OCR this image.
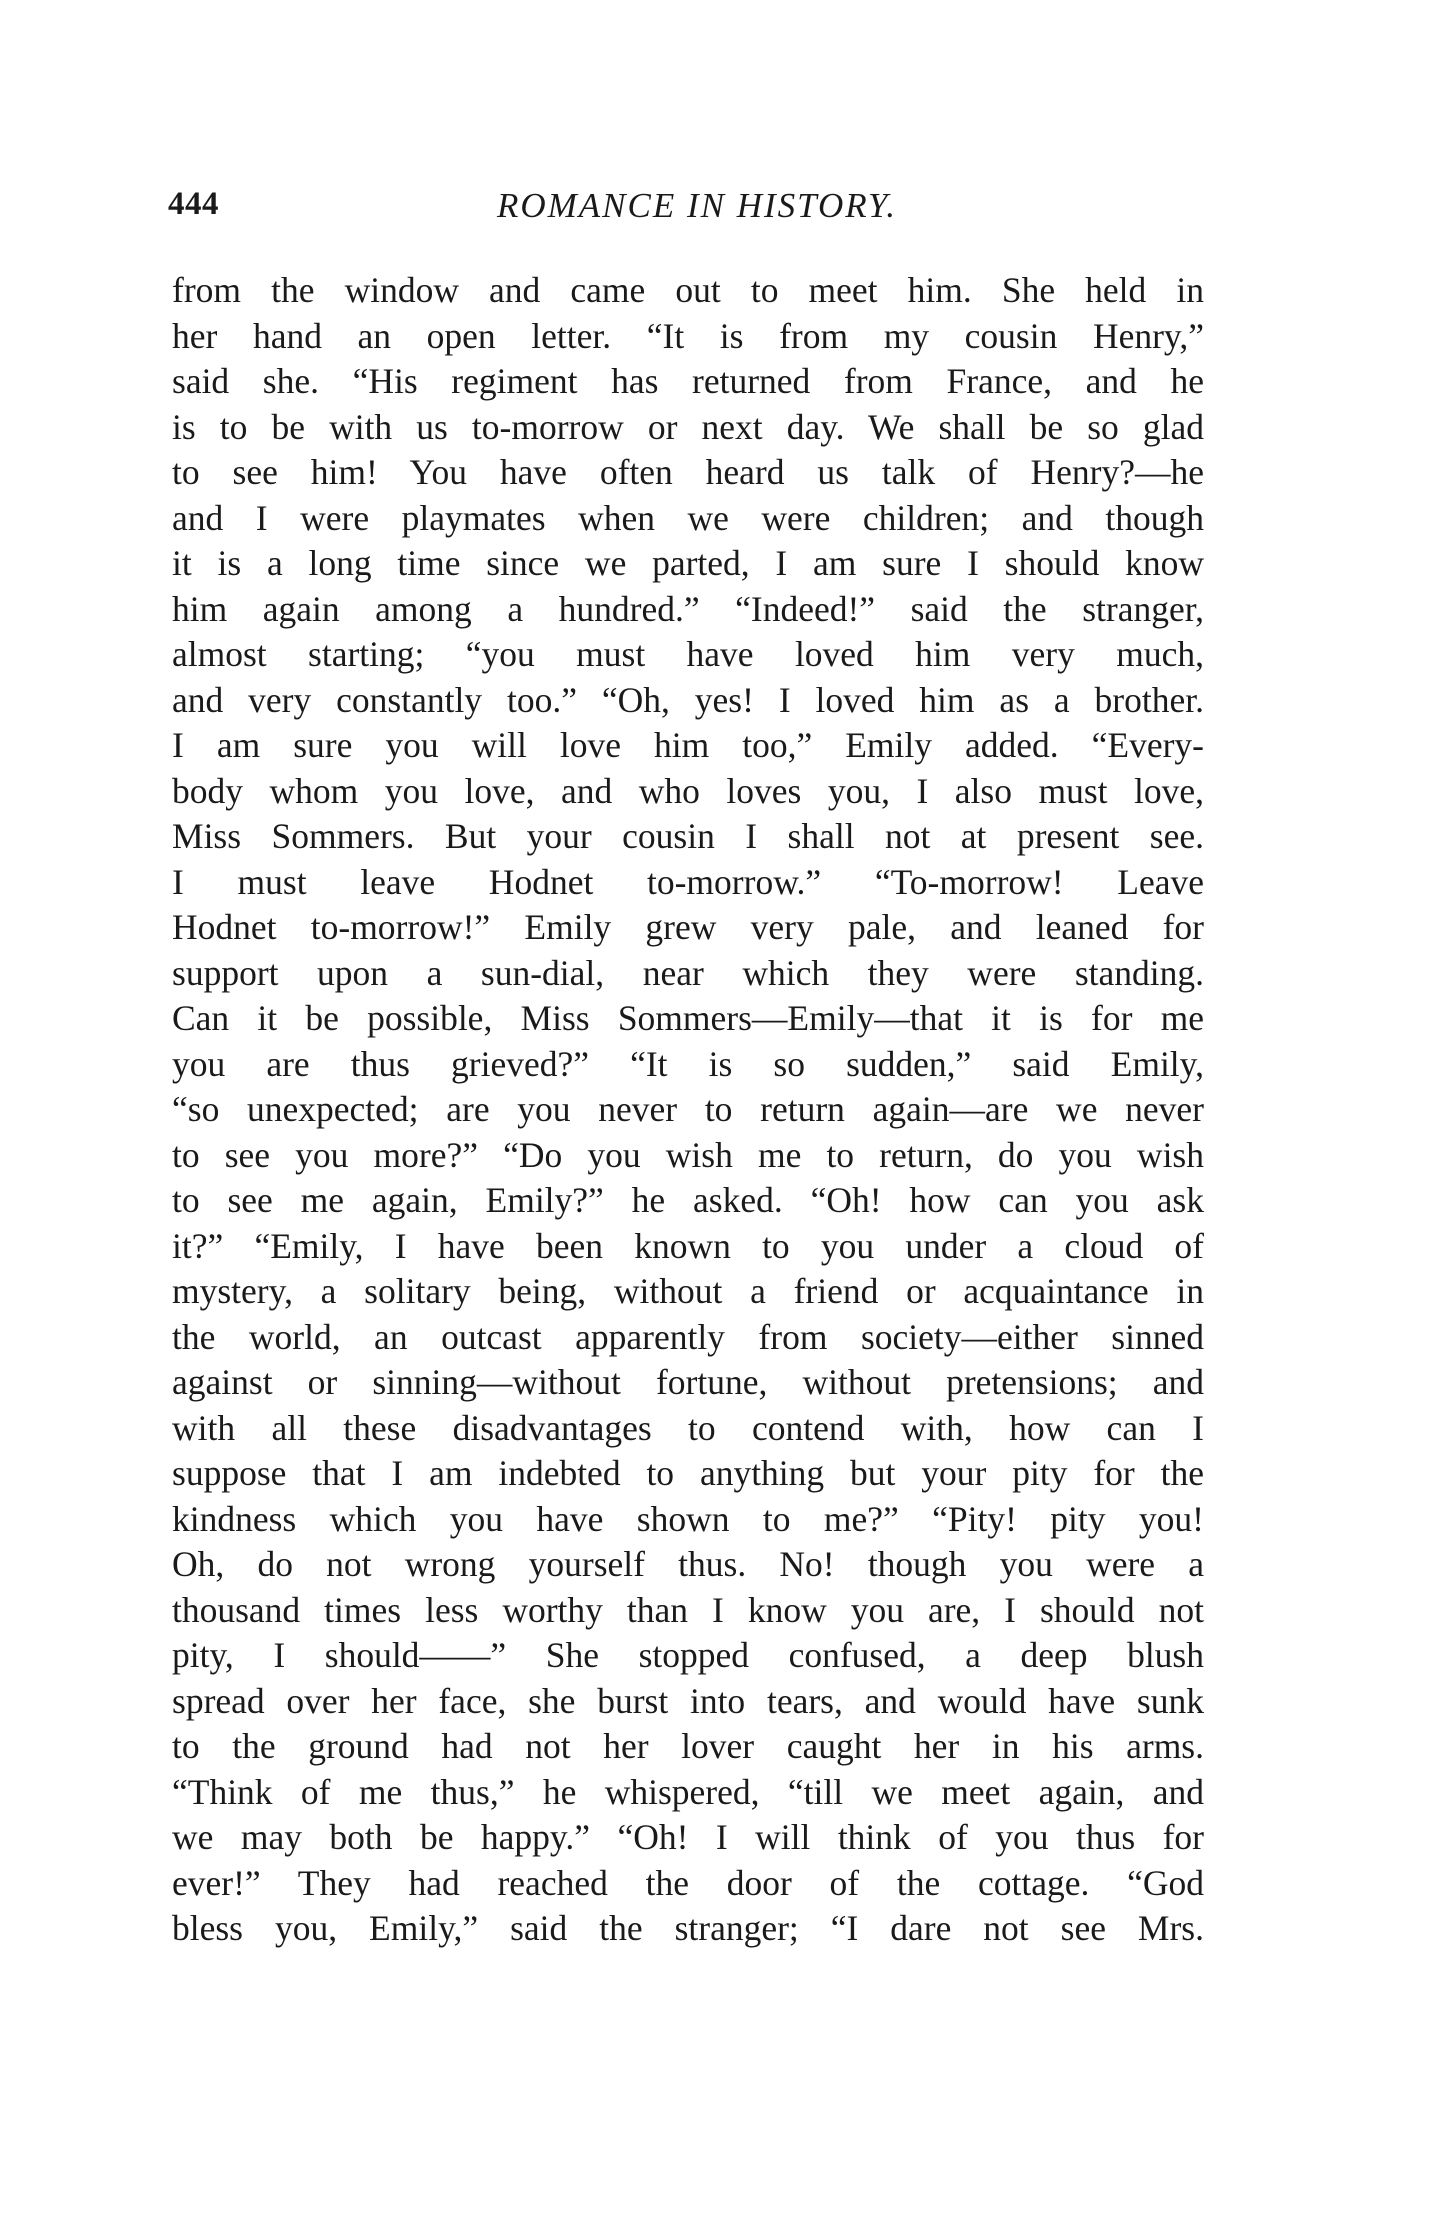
444	ROMANCE IN HISTORY.
from the window and came out to meet him. She held in
her hand an open letter. “It is from my cousin Henry,”
said she. “His regiment has returned from France, and he
is to be with us to-morrow or next day. We shall be so glad
to see him! You have often heard us talk of Henry?—he
and I were playmates when we were children; and though
it is a long time since we parted, I am sure I should know
him again among a hundred.” “Indeed!” said the stranger,
almost starting; “you must have loved him very much,
and very constantly too.” “Oh, yes! I loved him as a brother.
I am sure you will love him too,” Emily added. “Every-
body whom you love, and who loves you, I also must love,
Miss Sommers. But your cousin I shall not at present see.
I must leave Hodnet to-morrow.” “To-morrow! Leave
Hodnet to-morrow!” Emily grew very pale, and leaned for
support upon a sun-dial, near which they were standing.
Can it be possible, Miss Sommers—Emily—that it is for me
you are thus grieved?” “It is so sudden,” said Emily,
“so unexpected; are you never to return again—are we never
to see you more?” “Do you wish me to return, do you wish
to see me again, Emily?” he asked. “Oh! how can you ask
it?” “Emily, I have been known to you under a cloud of
mystery, a solitary being, without a friend or acquaintance in
the world, an outcast apparently from society—either sinned
against or sinning—without fortune, without pretensions; and
with all these disadvantages to contend with, how can I
suppose that I am indebted to anything but your pity for the
kindness which you have shown to me?” “Pity! pity you!
Oh, do not wrong yourself thus. No! though you were a
thousand times less worthy than I know you are, I should not
pity, I should——” She stopped confused, a deep blush
spread over her face, she burst into tears, and would have sunk
to the ground had not her lover caught her in his arms.
“Think of me thus,” he whispered, “till we meet again, and
we may both be happy.” “Oh! I will think of you thus for
ever!” They had reached the door of the cottage. “God
bless you, Emily,” said the stranger; “I dare not see Mrs.
